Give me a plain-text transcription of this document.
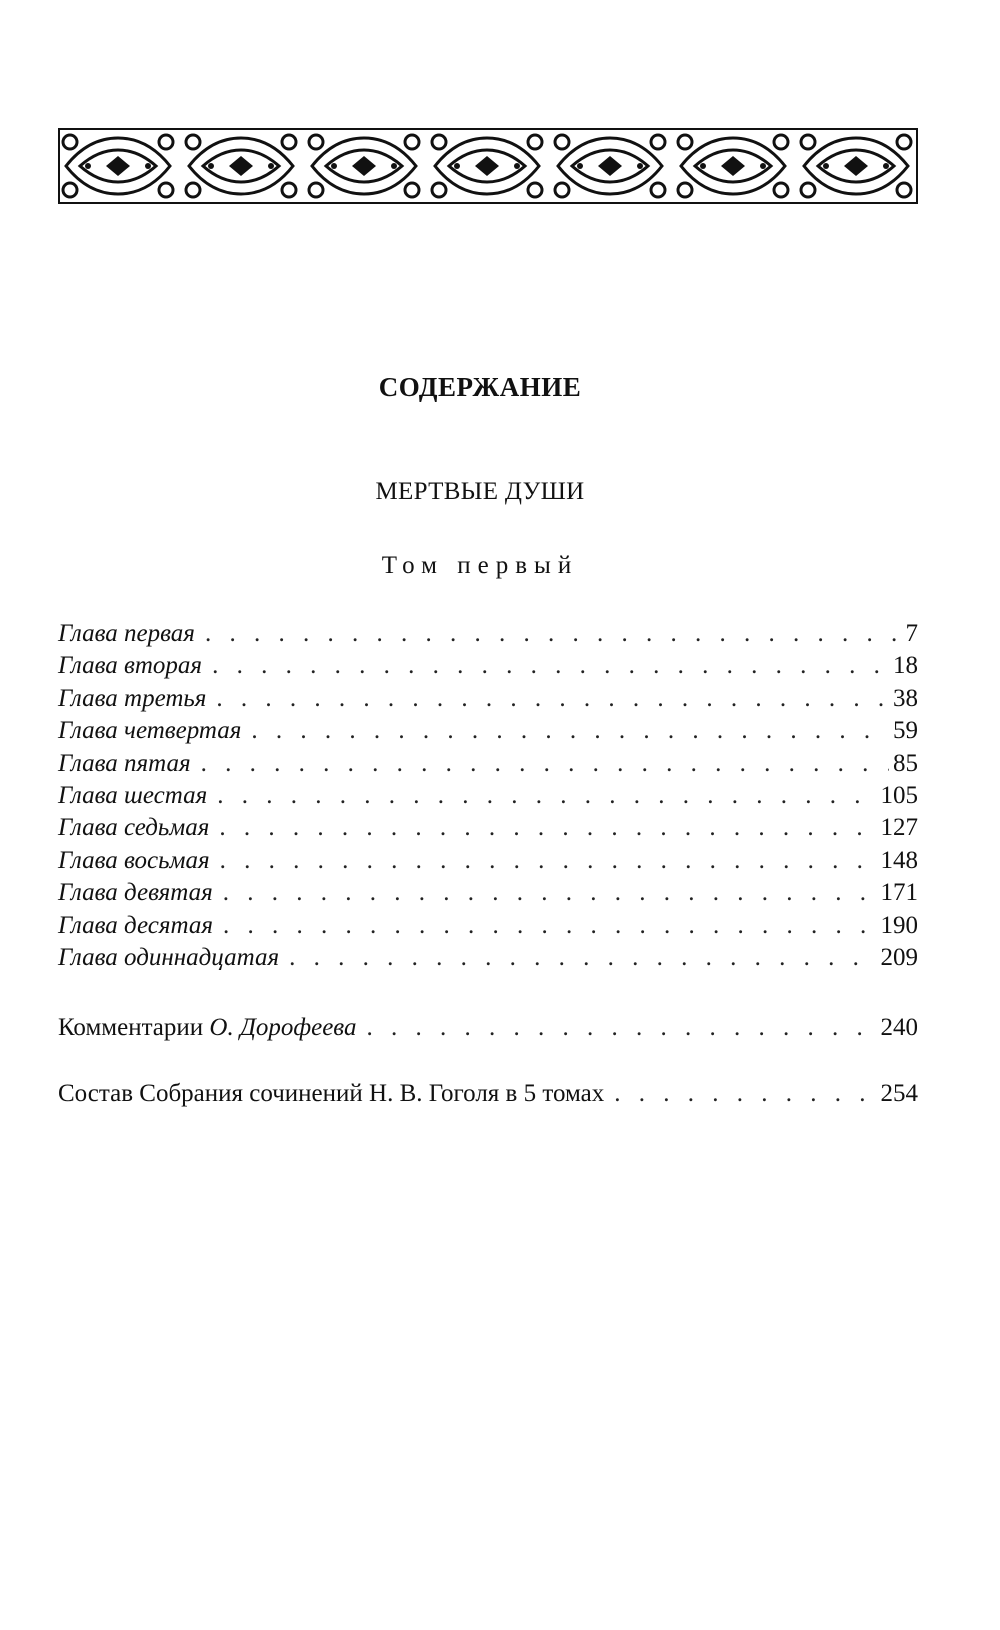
СОДЕРЖАНИЕ
МЕРТВЫЕ ДУШИ
Том первый
Глава первая . . .	7
Глава вторая . . .	18
Глава третья . . .	38
Глава четвертая . . .	59
Глава пятая . . .	85
Глава шестая . . .	105
Глава седьмая . . .	127
Глава восьмая . . .	148
Глава девятая . . .	171
Глава десятая . . .	190
Глава одиннадцатая . . .	209
Комментарии О. Дорофеева . . .	240
Состав Собрания сочинений Н. В. Гоголя в 5 томах . . .	254
